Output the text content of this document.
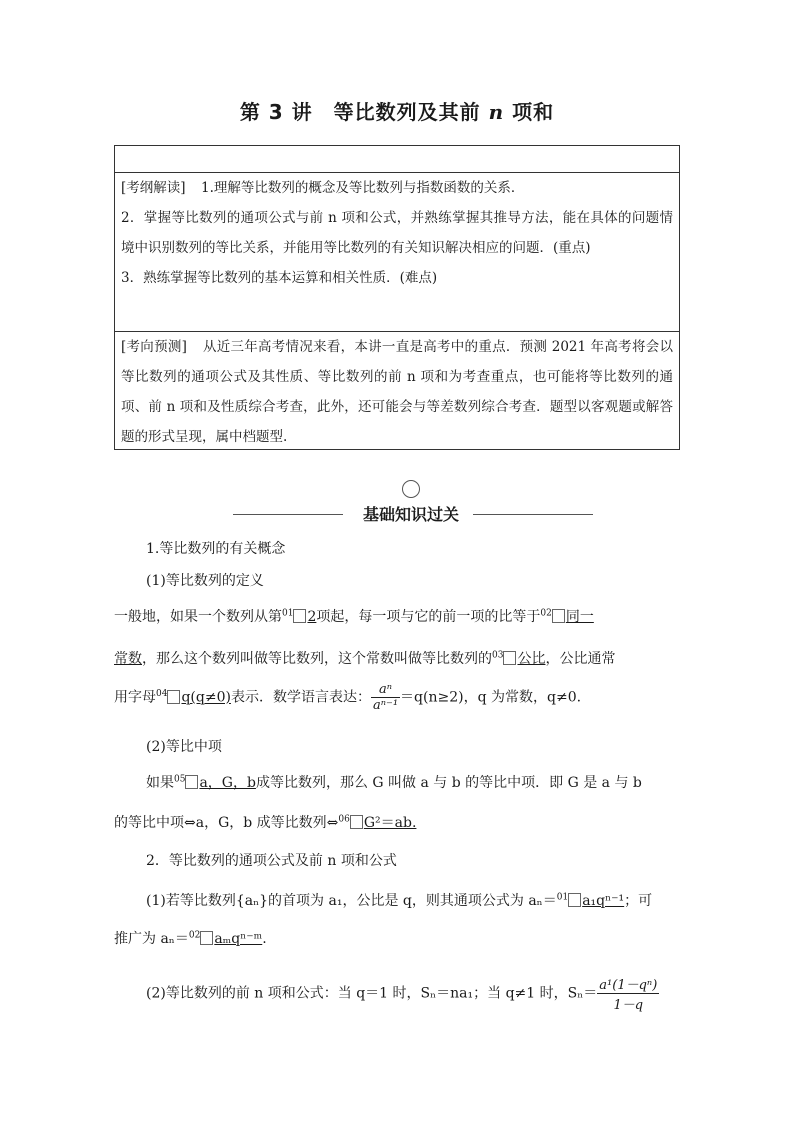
第 3 讲　等比数列及其前 n 项和

[考纲解读]　 1.理解等比数列的概念及等比数列与指数函数的关系．

2．掌握等比数列的通项公式与前 n 项和公式，并熟练掌握其推导方法，能在具体的问题情境中识别数列的等比关系，并能用等比数列的有关知识解决相应的问题．(重点)

3．熟练掌握等比数列的基本运算和相关性质．(难点)

[考向预测]　 从近三年高考情况来看，本讲一直是高考中的重点．预测 2021 年高考将会以等比数列的通项公式及其性质、等比数列的前 n 项和为考查重点，也可能将等比数列的通项、前 n 项和及性质综合考查，此外，还可能会与等差数列综合考查．题型以客观题或解答题的形式呈现，属中档题型.

基础知识过关
1.等比数列的有关概念
(1)等比数列的定义
一般地，如果一个数列从第$^{01}$ 2项起，每一项与它的前一项的比等于$^{02}$ 同一
常数，那么这个数列叫做等比数列，这个常数叫做等比数列的$^{03}$ 公比，公比通常
用字母$^{04}$ q(q≠0)表示．数学语言表达： $\frac{\text{aⁿ}}{\text{aⁿ⁻¹}} =q(n\ge 2)$，q 为常数，q≠0.
(2)等比中项
如果$^{05}$ a，G，b成等比数列，那么 G 叫做 a 与 b 的等比中项．即 G 是 a 与 b
的等比中项⇔a，G，b 成等比数列⇔$^{06}$ G²＝ab.
2．等比数列的通项公式及前 n 项和公式
(1)若等比数列{aₙ}的首项为 a₁，公比是 q，则其通项公式为 aₙ＝$^{01}$ a₁qⁿ⁻¹；可
推广为 aₙ＝$^{02}$ aₘqⁿ⁻ᵐ.
(2)等比数列的前 n 项和公式：当 q＝1 时，Sₙ＝na₁；当 q≠1 时，$S_n= \frac{\text{a¹(1－qⁿ)}}{1-q}$
